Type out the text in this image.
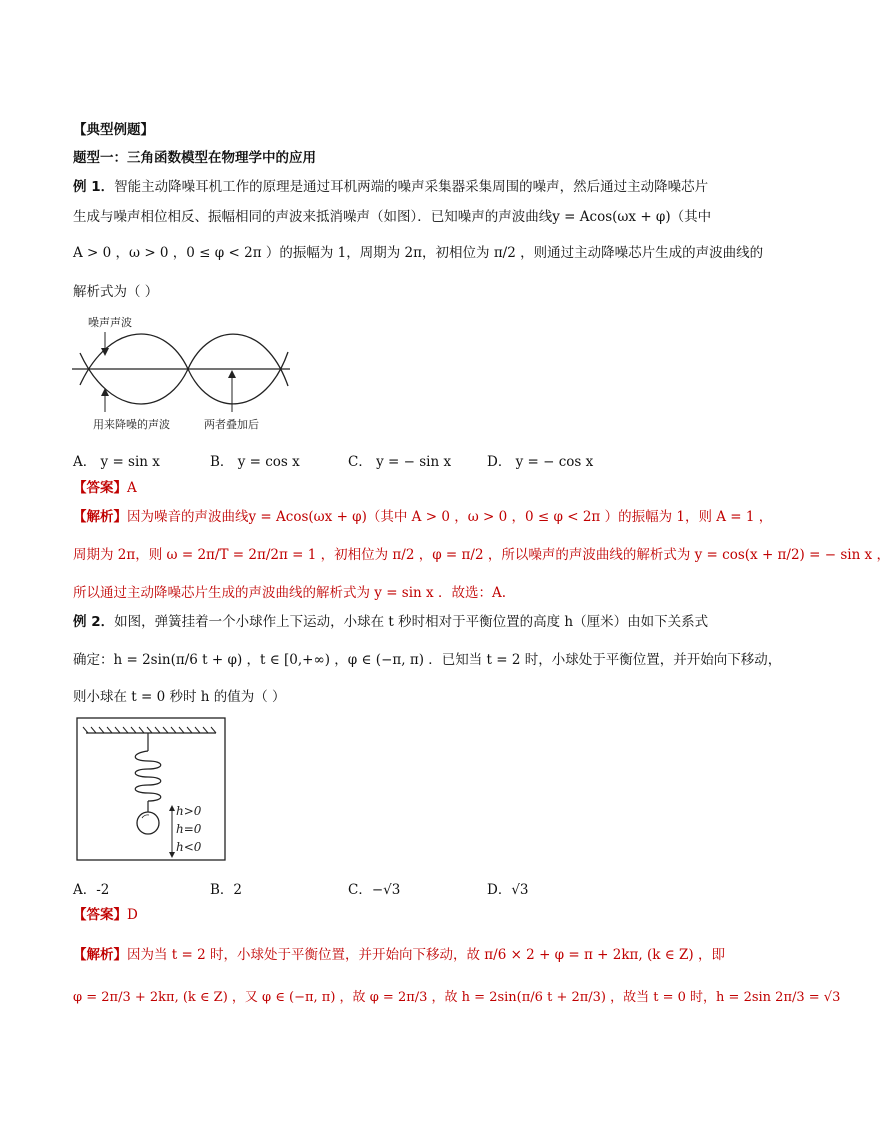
【典型例题】
题型一：三角函数模型在物理学中的应用
例 1．智能主动降噪耳机工作的原理是通过耳机两端的噪声采集器采集周围的噪声，然后通过主动降噪芯片
生成与噪声相位相反、振幅相同的声波来抵消噪声（如图）．已知噪声的声波曲线y = Acos(ωx + φ)（其中
A > 0 ，ω > 0 ，0 ≤ φ < 2π ）的振幅为 1，周期为 2π，初相位为 π/2 ，则通过主动降噪芯片生成的声波曲线的
解析式为（ ）
噪声声波
用来降噪的声波	两者叠加后
A． y = sin x	B． y = cos x	C． y = − sin x	D． y = − cos x
【答案】A
【解析】因为噪音的声波曲线y = Acos(ωx + φ)（其中 A > 0 ，ω > 0 ，0 ≤ φ < 2π ）的振幅为 1，则 A = 1 ，
周期为 2π，则 ω = 2π/T = 2π/2π = 1 ，初相位为 π/2 ，φ = π/2 ，所以噪声的声波曲线的解析式为 y = cos(x + π/2) = − sin x ，
所以通过主动降噪芯片生成的声波曲线的解析式为 y = sin x ．故选：A.
例 2．如图，弹簧挂着一个小球作上下运动，小球在 t 秒时相对于平衡位置的高度 h（厘米）由如下关系式
确定：h = 2sin(π/6 t + φ) ，t ∈ [0,+∞) ，φ ∈ (−π, π) ．已知当 t = 2 时，小球处于平衡位置，并开始向下移动，
则小球在 t = 0 秒时 h 的值为（ ）
h>0
h=0
h<0
A．-2	B．2	C．−√3	D．√3
【答案】D
【解析】因为当 t = 2 时，小球处于平衡位置，并开始向下移动，故 π/6 × 2 + φ = π + 2kπ, (k ∈ Z) ，即
φ = 2π/3 + 2kπ, (k ∈ Z) ，又 φ ∈ (−π, π) ，故 φ = 2π/3 ，故 h = 2sin(π/6 t + 2π/3) ，故当 t = 0 时，h = 2sin 2π/3 = √3
